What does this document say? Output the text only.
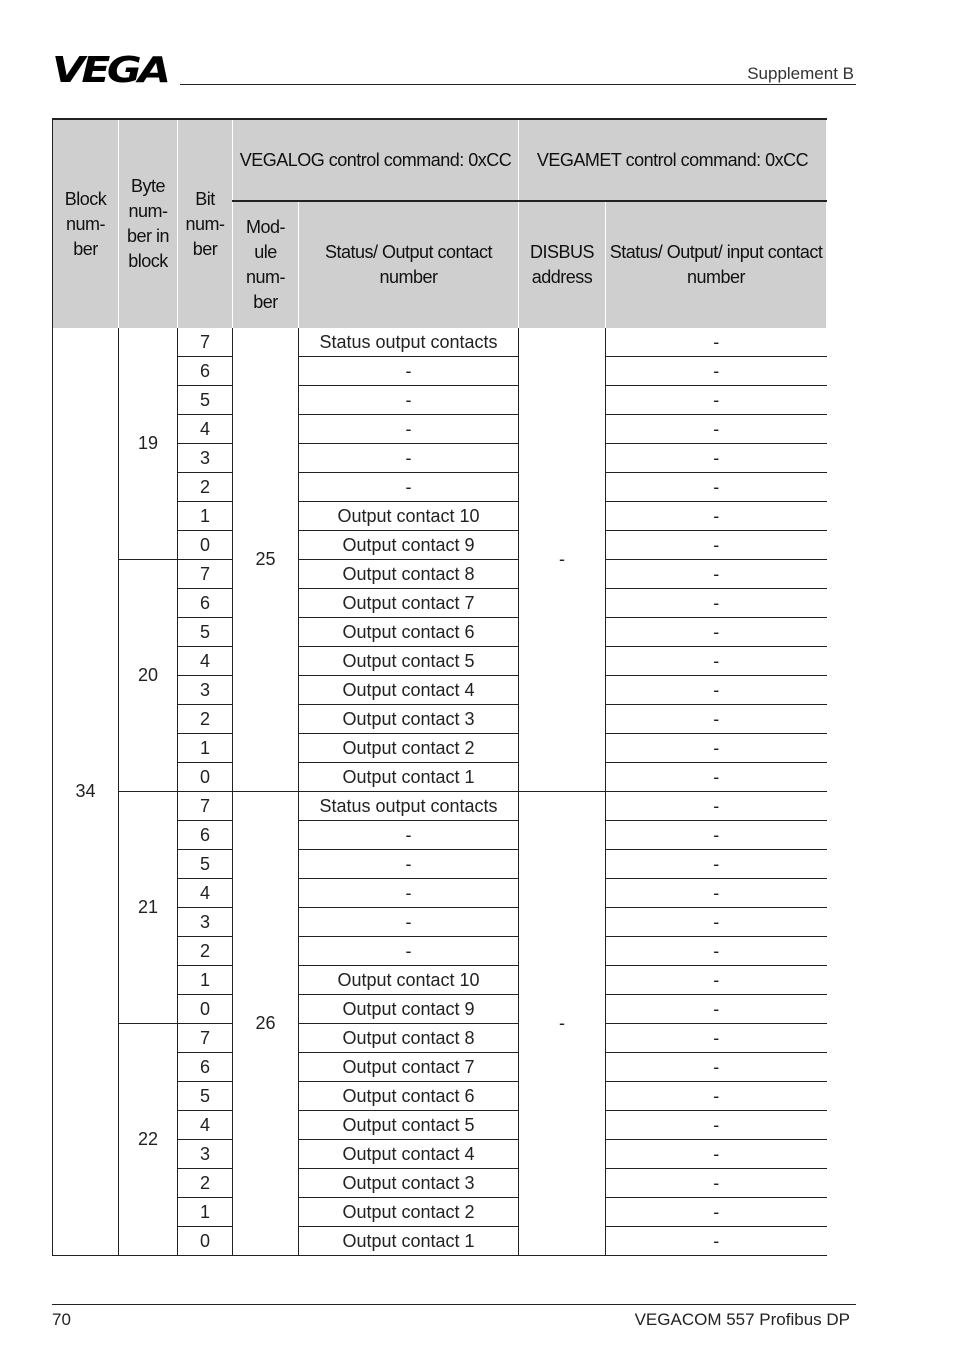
VEGA	Supplement B
Block num- ber	Byte num- ber in block	Bit num- ber	VEGALOG control command: 0xCC		VEGAMET control command: 0xCC	
			Mod- ule num- ber	Status/ Output contact number	DISBUS address	Status/ Output/ input contact number
34	19	7	25	Status output contacts	-	-
		6		-		-
		5		-		-
		4		-		-
		3		-		-
		2		-		-
		1		Output contact 10		-
		0		Output contact 9		-
	20	7		Output contact 8		-
		6		Output contact 7		-
		5		Output contact 6		-
		4		Output contact 5		-
		3		Output contact 4		-
		2		Output contact 3		-
		1		Output contact 2		-
		0		Output contact 1		-
	21	7	26	Status output contacts	-	-
		6		-		-
		5		-		-
		4		-		-
		3		-		-
		2		-		-
		1		Output contact 10		-
		0		Output contact 9		-
	22	7		Output contact 8		-
		6		Output contact 7		-
		5		Output contact 6		-
		4		Output contact 5		-
		3		Output contact 4		-
		2		Output contact 3		-
		1		Output contact 2		-
		0		Output contact 1		-
70	VEGACOM 557 Profibus DP
